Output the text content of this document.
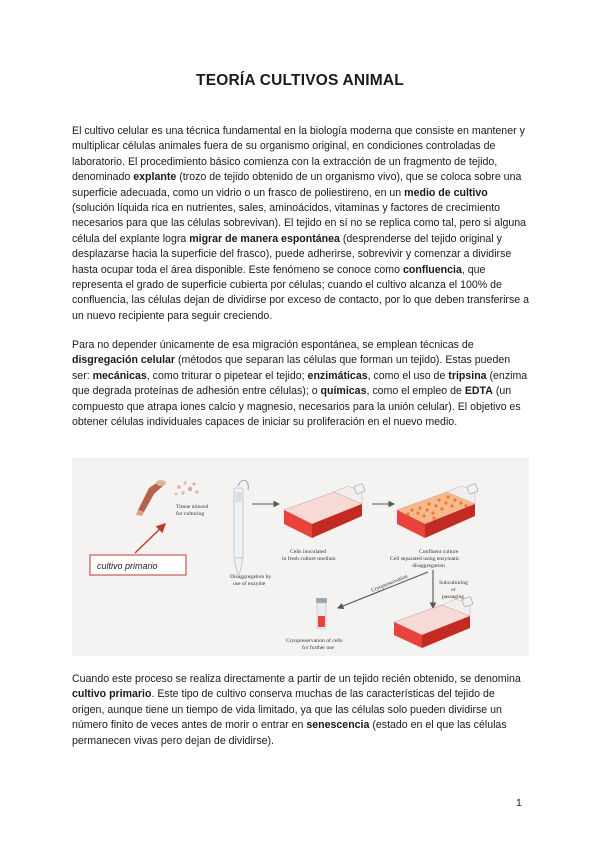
TEORÍA CULTIVOS ANIMAL

El cultivo celular es una técnica fundamental en la biología moderna que consiste en mantener y multiplicar células animales fuera de su organismo original, en condiciones controladas de laboratorio. El procedimiento básico comienza con la extracción de un fragmento de tejido, denominado explante (trozo de tejido obtenido de un organismo vivo), que se coloca sobre una superficie adecuada, como un vidrio o un frasco de poliestireno, en un medio de cultivo (solución líquida rica en nutrientes, sales, aminoácidos, vitaminas y factores de crecimiento necesarios para que las células sobrevivan). El tejido en sí no se replica como tal, pero si alguna célula del explante logra migrar de manera espontánea (desprenderse del tejido original y desplazarse hacia la superficie del frasco), puede adherirse, sobrevivir y comenzar a dividirse hasta ocupar toda el área disponible. Este fenómeno se conoce como confluencia, que representa el grado de superficie cubierta por células; cuando el cultivo alcanza el 100% de confluencia, las células dejan de dividirse por exceso de contacto, por lo que deben transferirse a un nuevo recipiente para seguir creciendo.

Para no depender únicamente de esa migración espontánea, se emplean técnicas de disgregación celular (métodos que separan las células que forman un tejido). Estas pueden ser: mecánicas, como triturar o pipetear el tejido; enzimáticas, como el uso de tripsina (enzima que degrada proteínas de adhesión entre células); o químicas, como el empleo de EDTA (un compuesto que atrapa iones calcio y magnesio, necesarios para la unión celular). El objetivo es obtener células individuales capaces de iniciar su proliferación en el nuevo medio.

Tissue minced
for culturing
Disaggregation by
use of enzyme
Cells inoculated
in fresh culture medium
Confluent culture
Cell separated using enzymatic
disaggregation
Cryopreservation	Subculturing
or
passaging
Cryopreservation of cells
for further use
cultivo primario

Cuando este proceso se realiza directamente a partir de un tejido recién obtenido, se denomina cultivo primario. Este tipo de cultivo conserva muchas de las características del tejido de origen, aunque tiene un tiempo de vida limitado, ya que las células solo pueden dividirse un número finito de veces antes de morir o entrar en senescencia (estado en el que las células permanecen vivas pero dejan de dividirse).

1
